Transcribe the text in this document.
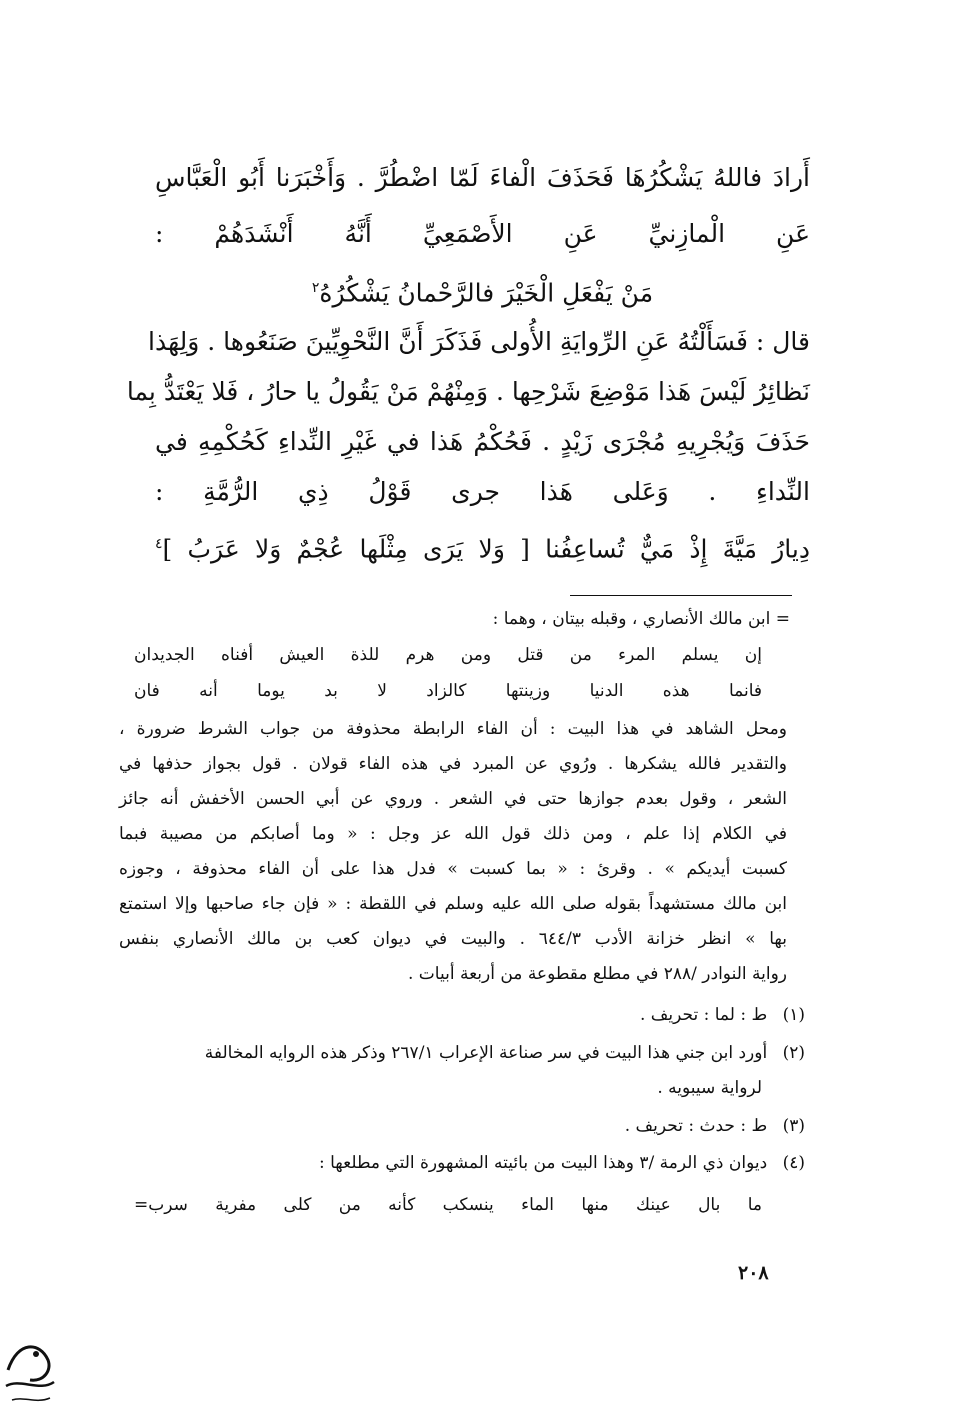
أَرادَ فاللهُ يَشْكُرُهَا فَحَذَفَ الْفاءَ لَمّا اضْطُرَّ . وَأَخْبَرَنا أَبُو الْعَبَّاسِ
عَنِ الْمازِنيِّ عَنِ الأَصْمَعِيِّ أَنَّهُ أَنْشَدَهُمْ :
مَنْ يَفْعَلِ الْخَيْرَ فالرَّحْمانُ يَشْكُرُهُ$^٢$
قال : فَسَأَلْتُهُ عَنِ الرِّوايَةِ الأُولى فَذَكَرَ أَنَّ النَّحْوِيِّينَ صَنَعُوها . وَلِهَذا
نَظائِرُ لَيْسَ هَذا مَوْضِعَ شَرْحِها . وَمِنْهُمْ مَنْ يَقُولُ يا حارُ ، فَلا يَعْتَدُّ بِما
حَذَفَ وَيُجْرِيهِ مُجْرَى زَيْدٍ . فَحُكْمُ هَذا في غَيْرِ النِّداءِ كَحُكْمِهِ في
النِّداءِ . وَعَلى هَذا جرى قَوْلُ ذِي الرُّمَّةِ :
دِيارُ مَيَّةَ إِذْ مَيٌّ تُساعِفُنا [ وَلا يَرَى مِثْلَها عُجْمٌ وَلا عَرَبُ ]$^٤$
= ابن مالك الأنصاري ، وقبله بيتان ، وهما :
إن يسلم المرء من قتل ومن هرم للذة العيش أفناه الجديدان
فانما هذه الدنيا وزينتها كالزاد لا بد يوما أنه فان
ومحل الشاهد في هذا البيت : أن الفاء الرابطة محذوفة من جواب الشرط ضرورة ،
والتقدير فالله يشكرها . ورُوي عن المبرد في هذه الفاء قولان . قول بجواز حذفها في
الشعر ، وقول بعدم جوازها حتى في الشعر . وروي عن أبي الحسن الأخفش أنه جائز
في الكلام إذا علم ، ومن ذلك قول الله عز وجل : « وما أصابكم من مصيبة فبما
كسبت أيديكم » . وقرئ : « بما كسبت » فدل هذا على أن الفاء محذوفة ، وجوزه
ابن مالك مستشهداً بقوله صلى الله عليه وسلم في اللقطة : « فإن جاء صاحبها وإلا استمتع
بها » انظر خزانة الأدب ٦٤٤/٣ . والبيت في ديوان كعب بن مالك الأنصاري بنفس
رواية النوادر /٢٨٨ في مطلع مقطوعة من أربعة أبيات .
(١) ط : لما : تحريف .
(٢) أورد ابن جني هذا البيت في سر صناعة الإعراب ٢٦٧/١ وذكر هذه الروايه المخالفة
لرواية سيبويه .
(٣) ط : حدث : تحريف .
(٤) ديوان ذي الرمة /٣ وهذا البيت من بائيته المشهورة التي مطلعها :
ما بال عينك منها الماء ينسكب كأنه من كلى مفرية سرب=
٢٠٨
